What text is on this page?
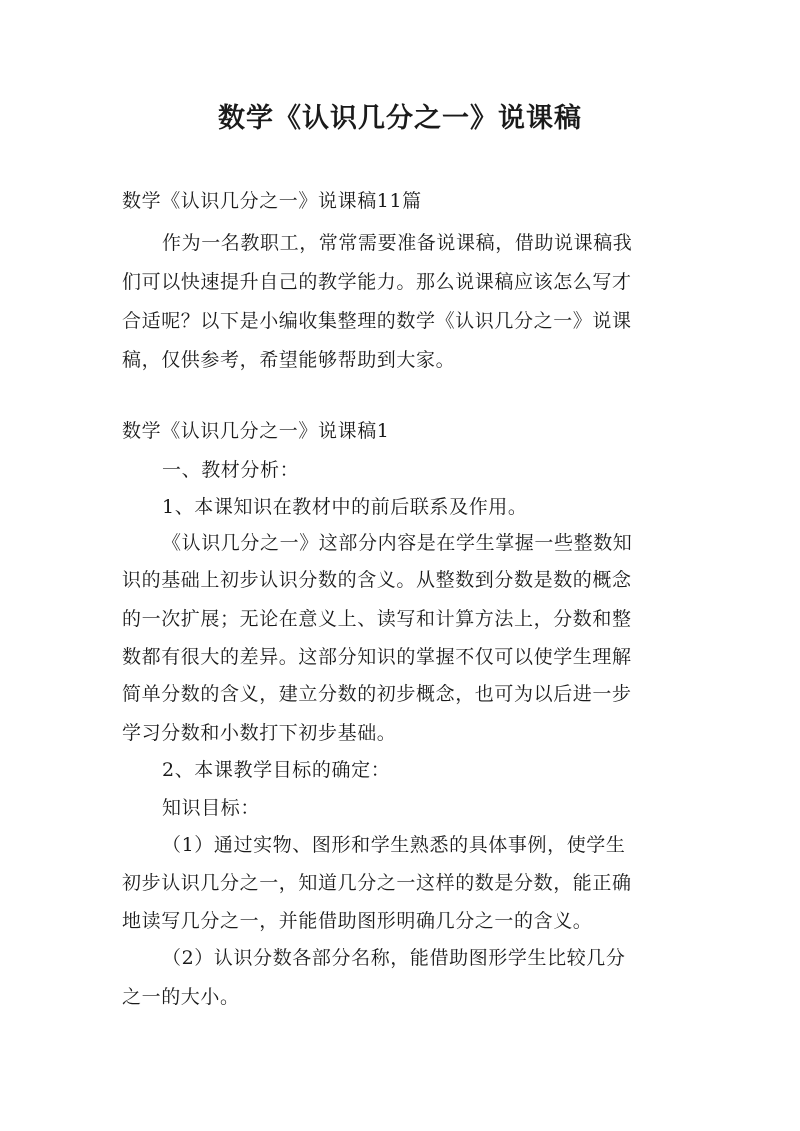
数学《认识几分之一》说课稿
数学《认识几分之一》说课稿11篇
作为一名教职工，常常需要准备说课稿，借助说课稿我
们可以快速提升自己的教学能力。那么说课稿应该怎么写才
合适呢？以下是小编收集整理的数学《认识几分之一》说课
稿，仅供参考，希望能够帮助到大家。
数学《认识几分之一》说课稿1
一、教材分析：
1、本课知识在教材中的前后联系及作用。
《认识几分之一》这部分内容是在学生掌握一些整数知
识的基础上初步认识分数的含义。从整数到分数是数的概念
的一次扩展；无论在意义上、读写和计算方法上，分数和整
数都有很大的差异。这部分知识的掌握不仅可以使学生理解
简单分数的含义，建立分数的初步概念，也可为以后进一步
学习分数和小数打下初步基础。
2、本课教学目标的确定：
知识目标：
（1）通过实物、图形和学生熟悉的具体事例，使学生
初步认识几分之一，知道几分之一这样的数是分数，能正确
地读写几分之一，并能借助图形明确几分之一的含义。
（2）认识分数各部分名称，能借助图形学生比较几分
之一的大小。
